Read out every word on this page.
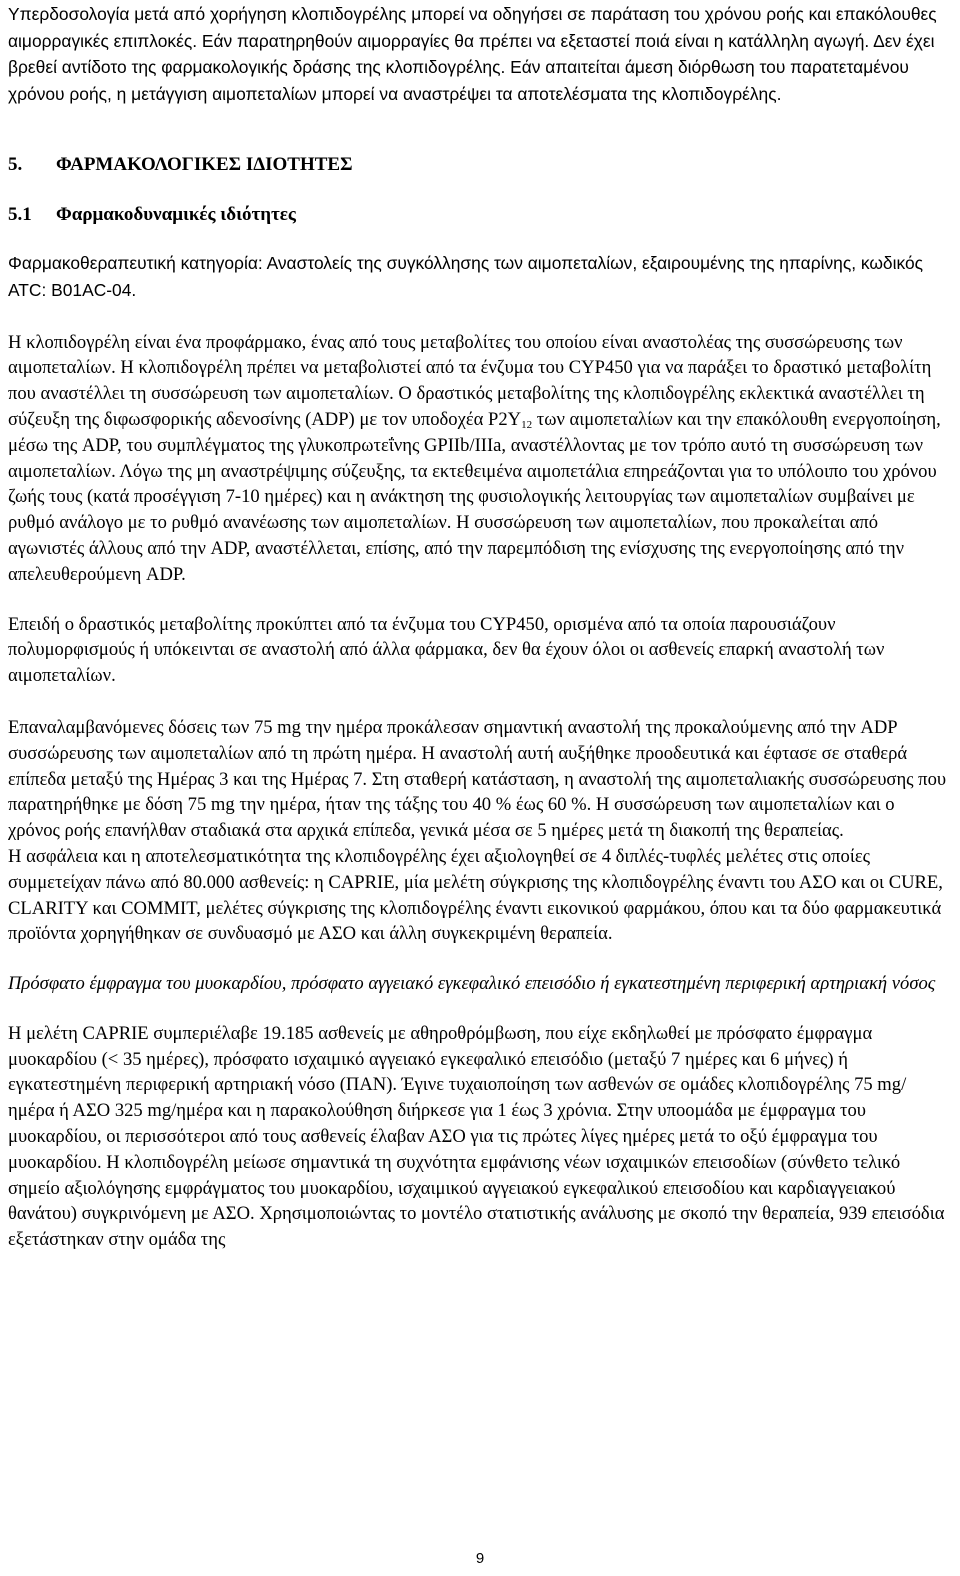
Υπερδοσολογία μετά από χορήγηση κλοπιδογρέλης μπορεί να οδηγήσει σε παράταση του χρόνου ροής και επακόλουθες αιμορραγικές επιπλοκές. Εάν παρατηρηθούν αιμορραγίες θα πρέπει να εξεταστεί ποιά είναι η κατάλληλη αγωγή. Δεν έχει βρεθεί αντίδοτο της φαρμακολογικής δράσης της κλοπιδογρέλης. Εάν απαιτείται άμεση διόρθωση του παρατεταμένου χρόνου ροής, η μετάγγιση αιμοπεταλίων μπορεί να αναστρέψει τα αποτελέσματα της κλοπιδογρέλης.

5. ΦΑΡΜΑΚΟΛΟΓΙΚΕΣ ΙΔΙΟΤΗΤΕΣ
5.1 Φαρμακοδυναμικές ιδιότητες

Φαρμακοθεραπευτική κατηγορία: Αναστολείς της συγκόλλησης των αιμοπεταλίων, εξαιρουμένης της ηπαρίνης, κωδικός ATC: B01AC-04.

Η κλοπιδογρέλη είναι ένα προφάρμακο, ένας από τους μεταβολίτες του οποίου είναι αναστολέας της συσσώρευσης των αιμοπεταλίων. Η κλοπιδογρέλη πρέπει να μεταβολιστεί από τα ένζυμα του CYP450 για να παράξει το δραστικό μεταβολίτη που αναστέλλει τη συσσώρευση των αιμοπεταλίων. Ο δραστικός μεταβολίτης της κλοπιδογρέλης εκλεκτικά αναστέλλει τη σύζευξη της διφωσφορικής αδενοσίνης (ADP) με τον υποδοχέα $P2Y_{12}$ των αιμοπεταλίων και την επακόλουθη ενεργοποίηση, μέσω της ADP, του συμπλέγματος της γλυκοπρωτεΐνης GPIIb/IIIa, αναστέλλοντας με τον τρόπο αυτό τη συσσώρευση των αιμοπεταλίων. Λόγω της μη αναστρέψιμης σύζευξης, τα εκτεθειμένα αιμοπετάλια επηρεάζονται για το υπόλοιπο του χρόνου ζωής τους (κατά προσέγγιση 7-10 ημέρες) και η ανάκτηση της φυσιολογικής λειτουργίας των αιμοπεταλίων συμβαίνει με ρυθμό ανάλογο με το ρυθμό ανανέωσης των αιμοπεταλίων. Η συσσώρευση των αιμοπεταλίων, που προκαλείται από αγωνιστές άλλους από την ADP, αναστέλλεται, επίσης, από την παρεμπόδιση της ενίσχυσης της ενεργοποίησης από την απελευθερούμενη ADP.

Επειδή ο δραστικός μεταβολίτης προκύπτει από τα ένζυμα του CYP450, ορισμένα από τα οποία παρουσιάζουν πολυμορφισμούς ή υπόκεινται σε αναστολή από άλλα φάρμακα, δεν θα έχουν όλοι οι ασθενείς επαρκή αναστολή των αιμοπεταλίων.

Επαναλαμβανόμενες δόσεις των 75 mg την ημέρα προκάλεσαν σημαντική αναστολή της προκαλούμενης από την ADP συσσώρευσης των αιμοπεταλίων από τη πρώτη ημέρα. Η αναστολή αυτή αυξήθηκε προοδευτικά και έφτασε σε σταθερά επίπεδα μεταξύ της Ημέρας 3 και της Ημέρας 7. Στη σταθερή κατάσταση, η αναστολή της αιμοπεταλιακής συσσώρευσης που παρατηρήθηκε με δόση 75 mg την ημέρα, ήταν της τάξης του 40 % έως 60 %. Η συσσώρευση των αιμοπεταλίων και ο χρόνος ροής επανήλθαν σταδιακά στα αρχικά επίπεδα, γενικά μέσα σε 5 ημέρες μετά τη διακοπή της θεραπείας.

Η ασφάλεια και η αποτελεσματικότητα της κλοπιδογρέλης έχει αξιολογηθεί σε 4 διπλές-τυφλές μελέτες στις οποίες συμμετείχαν πάνω από 80.000 ασθενείς: η CAPRIE, μία μελέτη σύγκρισης της κλοπιδογρέλης έναντι του ΑΣΟ και οι CURE, CLARITY και COMMIT, μελέτες σύγκρισης της κλοπιδογρέλης έναντι εικονικού φαρμάκου, όπου και τα δύο φαρμακευτικά προϊόντα χορηγήθηκαν σε συνδυασμό με ΑΣΟ και άλλη συγκεκριμένη θεραπεία.

Πρόσφατο έμφραγμα του μυοκαρδίου, πρόσφατο αγγειακό εγκεφαλικό επεισόδιο ή εγκατεστημένη περιφερική αρτηριακή νόσος

Η μελέτη CAPRIE συμπεριέλαβε 19.185 ασθενείς με αθηροθρόμβωση, που είχε εκδηλωθεί με πρόσφατο έμφραγμα μυοκαρδίου (< 35 ημέρες), πρόσφατο ισχαιμικό αγγειακό εγκεφαλικό επεισόδιο (μεταξύ 7 ημέρες και 6 μήνες) ή εγκατεστημένη περιφερική αρτηριακή νόσο (ΠΑΝ). Έγινε τυχαιοποίηση των ασθενών σε ομάδες κλοπιδογρέλης 75 mg/ημέρα ή ΑΣΟ 325 mg/ημέρα και η παρακολούθηση διήρκεσε για 1 έως 3 χρόνια. Στην υποομάδα με έμφραγμα του μυοκαρδίου, οι περισσότεροι από τους ασθενείς έλαβαν ΑΣΟ για τις πρώτες λίγες ημέρες μετά το οξύ έμφραγμα του μυοκαρδίου. Η κλοπιδογρέλη μείωσε σημαντικά τη συχνότητα εμφάνισης νέων ισχαιμικών επεισοδίων (σύνθετο τελικό σημείο αξιολόγησης εμφράγματος του μυοκαρδίου, ισχαιμικού αγγειακού εγκεφαλικού επεισοδίου και καρδιαγγειακού θανάτου) συγκρινόμενη με ΑΣΟ. Χρησιμοποιώντας το μοντέλο στατιστικής ανάλυσης με σκοπό την θεραπεία, 939 επεισόδια εξετάστηκαν στην ομάδα της

9
